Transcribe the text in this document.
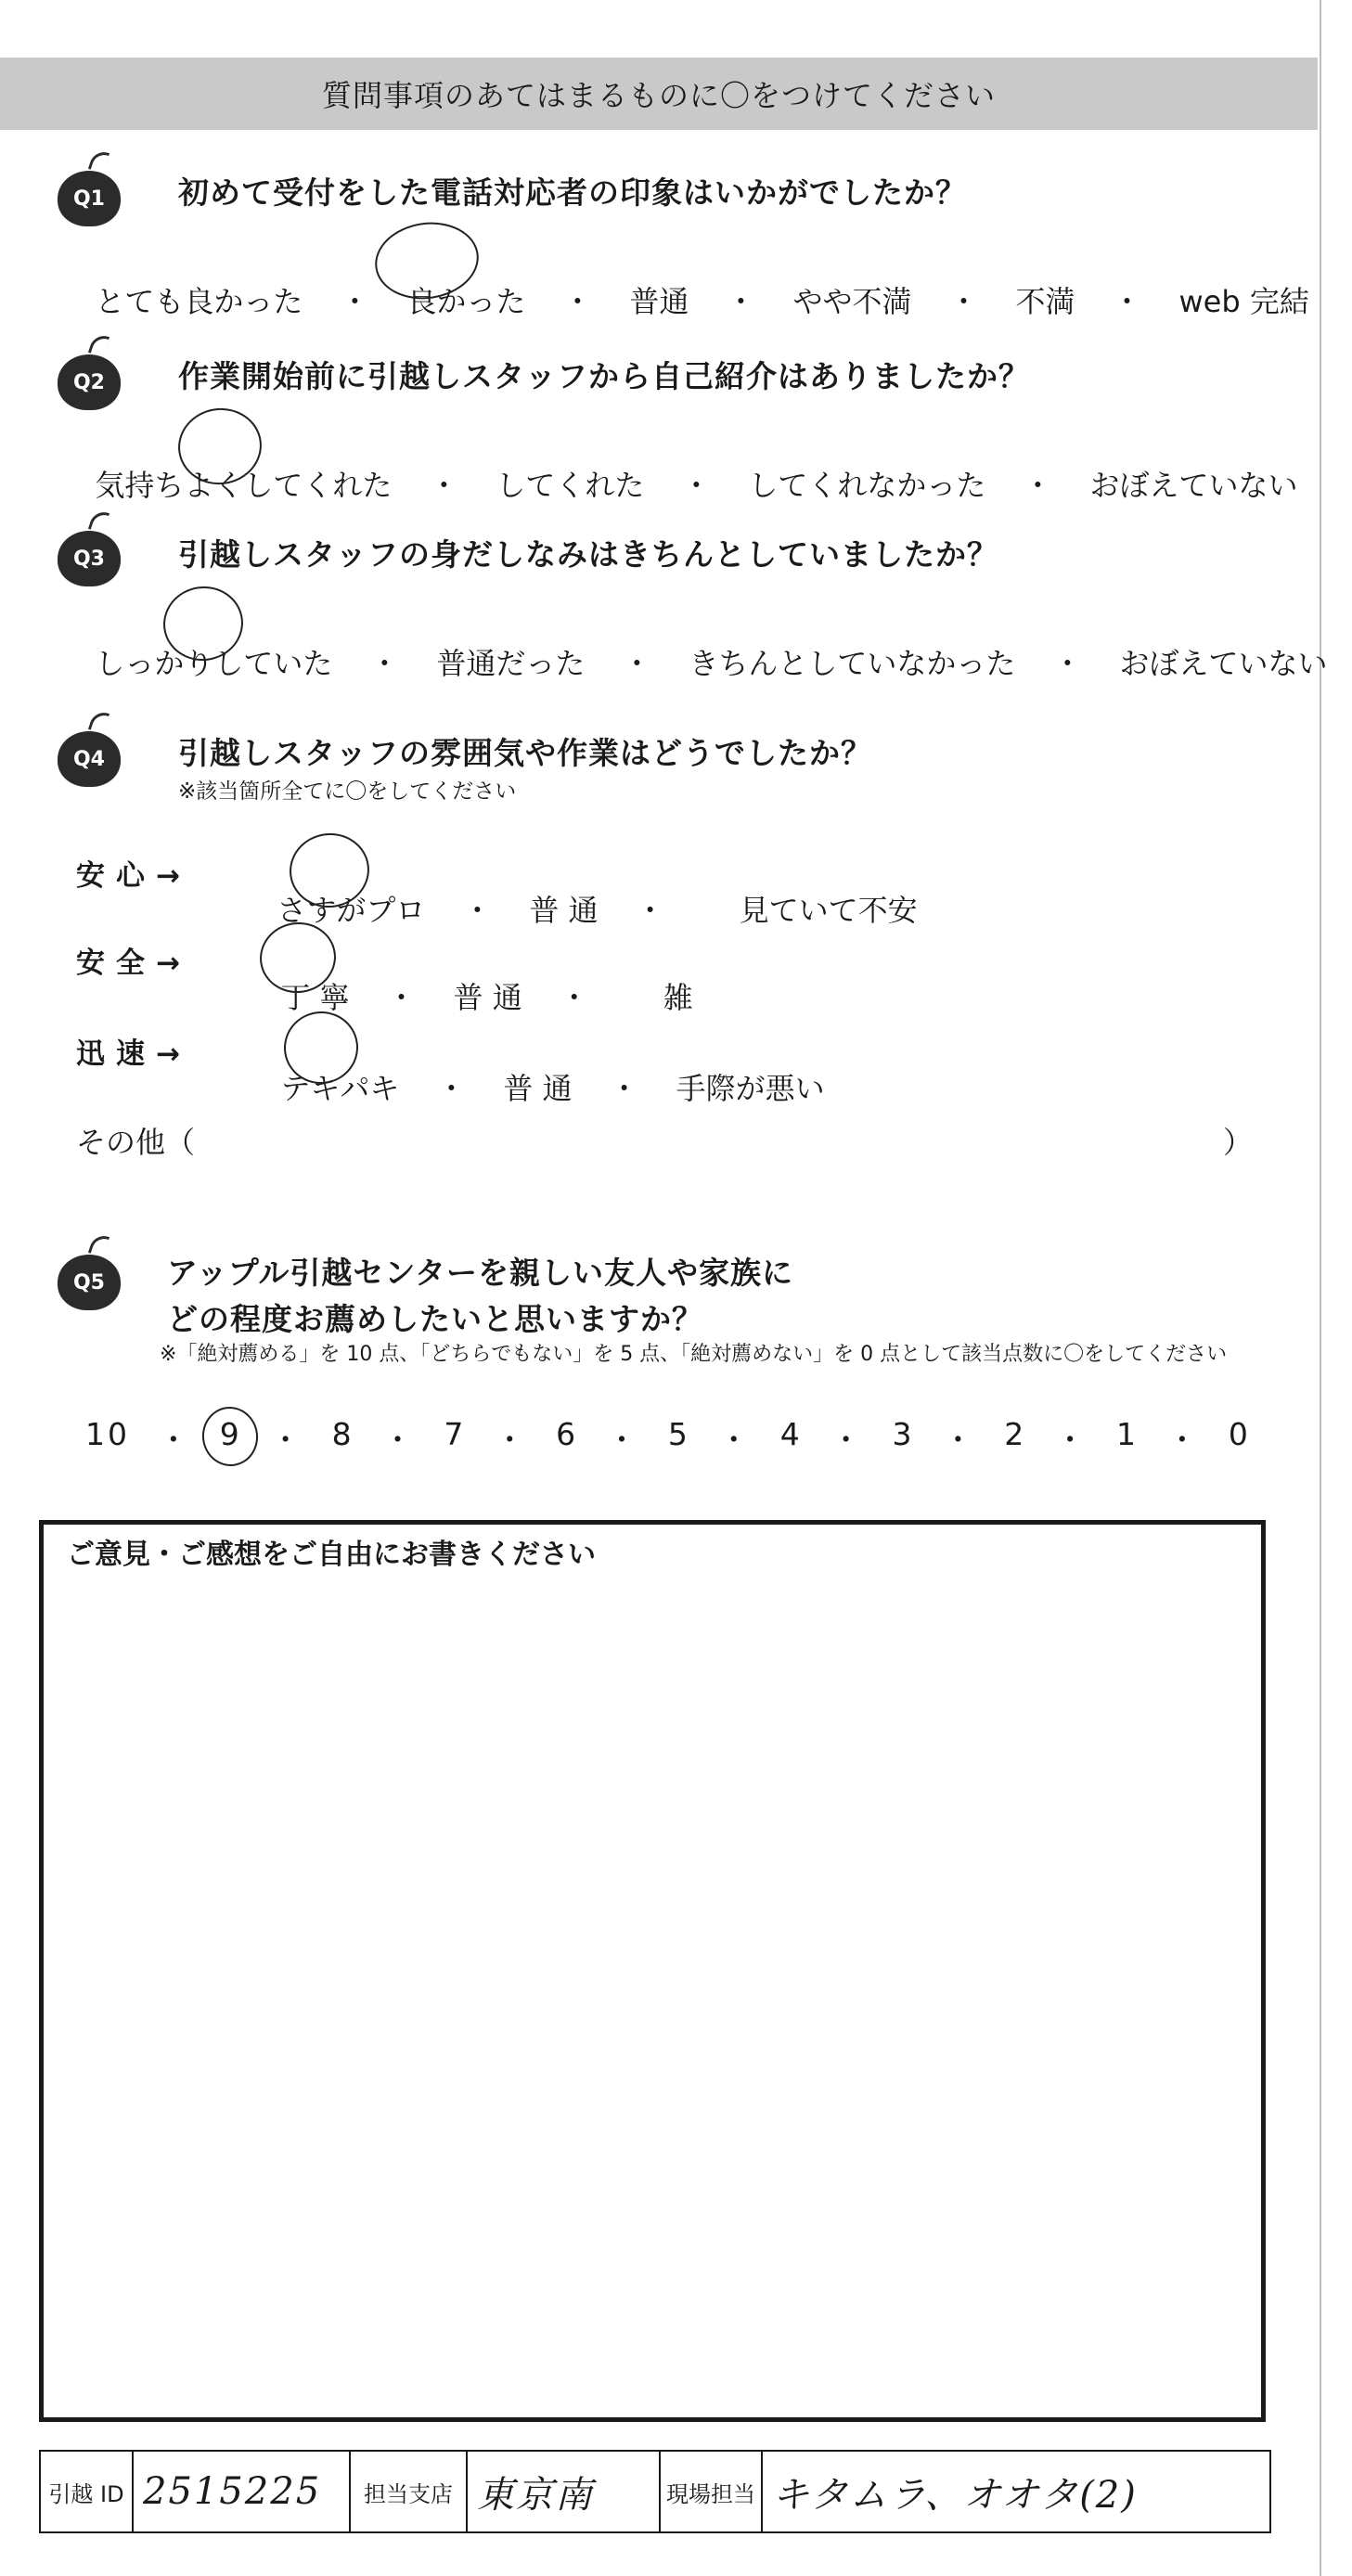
質問事項のあてはまるものに〇をつけてください
Q1 初めて受付をした電話対応者の印象はいかがでしたか？

とても良かった ・ 良かった ・ 普通 ・ やや不満 ・ 不満 ・ web 完結

Q2 作業開始前に引越しスタッフから自己紹介はありましたか？

気持ちよくしてくれた ・ してくれた ・ してくれなかった ・ おぼえていない

Q3 引越しスタッフの身だしなみはきちんとしていましたか？

しっかりしていた ・ 普通だった ・ きちんとしていなかった ・ おぼえていない

Q4 引越しスタッフの雰囲気や作業はどうでしたか？
※該当箇所全てに〇をしてください
安心→

さすがプロ ・ 普 通 ・	見ていて不安

安全→

丁 寧 ・ 普 通 ・	雑

迅速→

テキパキ ・ 普 通 ・ 手際が悪い

その他（	）
Q5 アップル引越センターを親しい友人や家族に
どの程度お薦めしたいと思いますか？
※「絶対薦める」を 10 点、「どちらでもない」を 5 点、「絶対薦めない」を 0 点として該当点数に〇をしてください
10 ・ 9 ・ 8 ・ 7 ・ 6 ・ 5 ・ 4 ・ 3 ・ 2 ・ 1 ・ 0
ご意見・ご感想をご自由にお書きください
引越 ID 2515225	担当支店 東京南	現場担当 キタムラ、オオタ(2)
